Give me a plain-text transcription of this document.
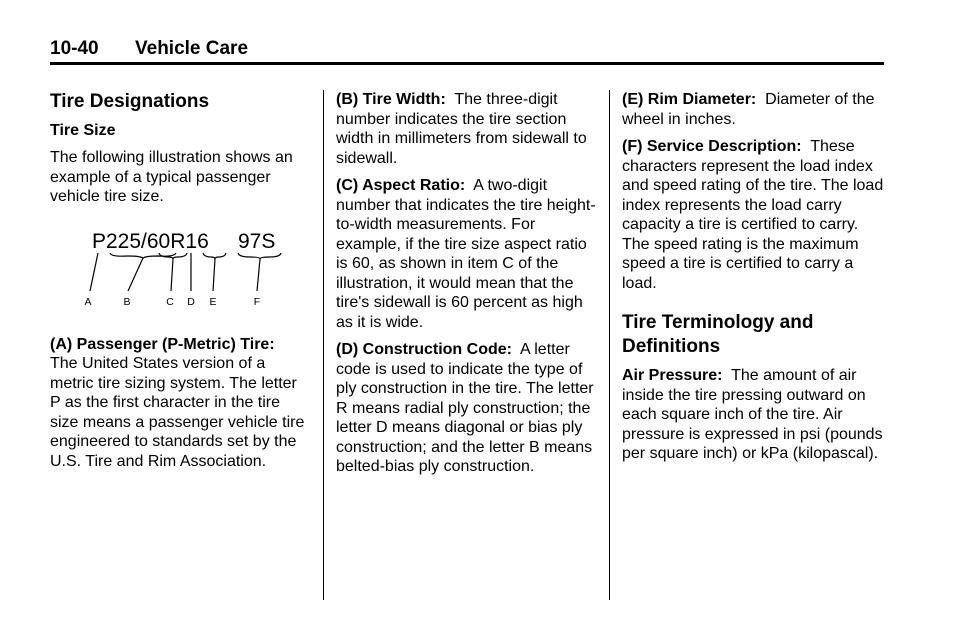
10-40 Vehicle Care
Tire Designations
Tire Size

The following illustration shows an example of a typical passenger vehicle tire size.

P225/60R16 97S
A	B	C D E	F

(A) Passenger (P-Metric) Tire:
The United States version of a metric tire sizing system. The letter P as the first character in the tire size means a passenger vehicle tire engineered to standards set by the U.S. Tire and Rim Association.

(B) Tire Width: The three-digit number indicates the tire section width in millimeters from sidewall to sidewall.

(C) Aspect Ratio: A two-digit number that indicates the tire height-to-width measurements. For example, if the tire size aspect ratio is 60, as shown in item C of the illustration, it would mean that the tire's sidewall is 60 percent as high as it is wide.

(D) Construction Code: A letter code is used to indicate the type of ply construction in the tire. The letter R means radial ply construction; the letter D means diagonal or bias ply construction; and the letter B means belted-bias ply construction.

(E) Rim Diameter: Diameter of the wheel in inches.

(F) Service Description: These characters represent the load index and speed rating of the tire. The load index represents the load carry capacity a tire is certified to carry. The speed rating is the maximum speed a tire is certified to carry a load.

Tire Terminology and Definitions

Air Pressure: The amount of air inside the tire pressing outward on each square inch of the tire. Air pressure is expressed in psi (pounds per square inch) or kPa (kilopascal).
